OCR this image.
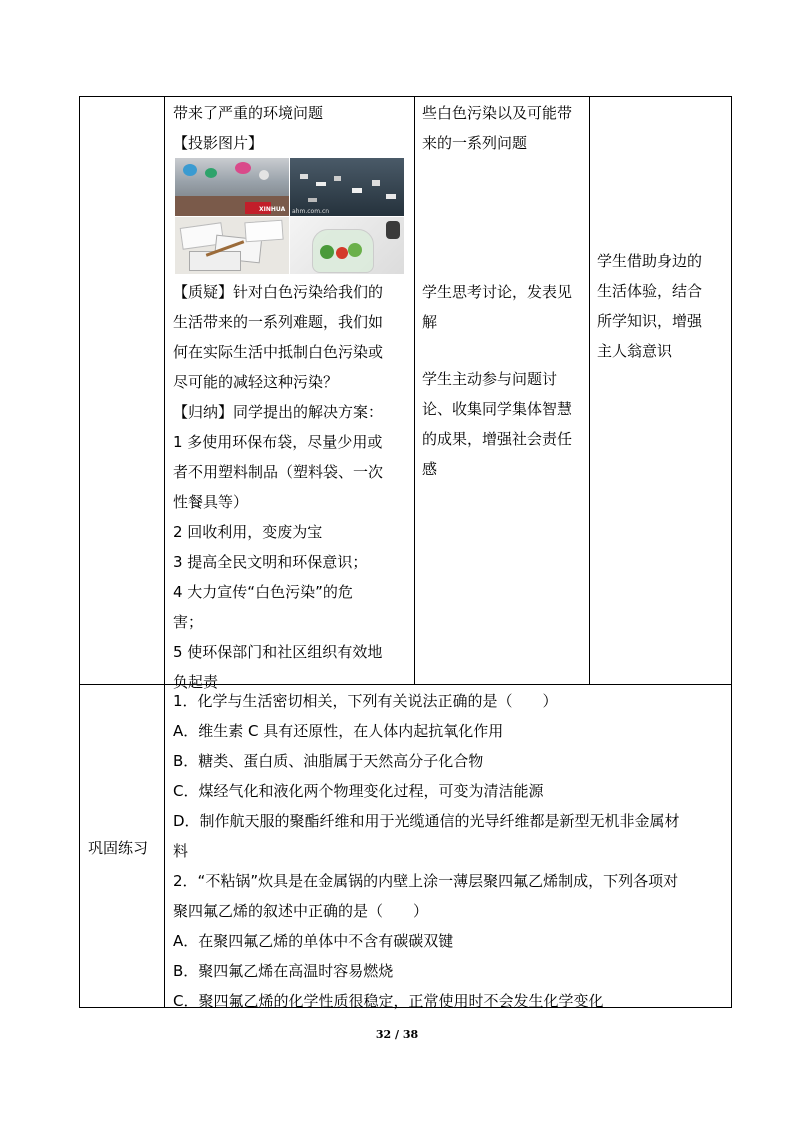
带来了严重的环境问题
【投影图片】
XINHUA ahm.com.cn
【质疑】针对白色污染给我们的
生活带来的一系列难题，我们如
何在实际生活中抵制白色污染或
尽可能的减轻这种污染？
【归纳】同学提出的解决方案：
1 多使用环保布袋，尽量少用或
者不用塑料制品（塑料袋、一次
性餐具等）
2 回收利用，变废为宝
3 提高全民文明和环保意识；
4 大力宣传“白色污染”的危
害；
5 使环保部门和社区组织有效地
负起责
些白色污染以及可能带
来的一系列问题
学生思考讨论，发表见
解
学生主动参与问题讨
论、收集同学集体智慧
的成果，增强社会责任
感
学生借助身边的
生活体验，结合
所学知识，增强
主人翁意识
巩固练习
1．化学与生活密切相关，下列有关说法正确的是（　　）
A．维生素 C 具有还原性，在人体内起抗氧化作用
B．糖类、蛋白质、油脂属于天然高分子化合物
C．煤经气化和液化两个物理变化过程，可变为清洁能源
D．制作航天服的聚酯纤维和用于光缆通信的光导纤维都是新型无机非金属材
料
2．“不粘锅”炊具是在金属锅的内壁上涂一薄层聚四氟乙烯制成，下列各项对
聚四氟乙烯的叙述中正确的是（　　）
A．在聚四氟乙烯的单体中不含有碳碳双键
B．聚四氟乙烯在高温时容易燃烧
C．聚四氟乙烯的化学性质很稳定，正常使用时不会发生化学变化
32 / 38
